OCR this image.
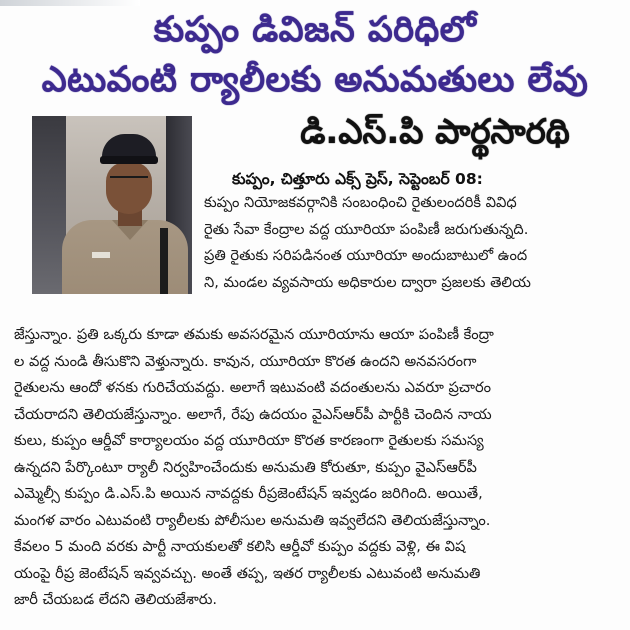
కుప్పం డివిజన్ పరిధిలో
ఎటువంటి ర్యాలీలకు అనుమతులు లేవు
డి.ఎస్.పి పార్థసారథి
కుప్పం, చిత్తూరు ఎక్స్ ప్రెస్, సెప్టెంబర్ 08:
కుప్పం నియోజకవర్గానికి సంబంధించి రైతులందరికీ వివిధ
రైతు సేవా కేంద్రాల వద్ద యూరియా పంపిణీ జరుగుతున్నది.
ప్రతి రైతుకు సరిపడినంత యూరియా అందుబాటులో ఉంద
ని, మండల వ్యవసాయ అధికారుల ద్వారా ప్రజలకు తెలియ
జేస్తున్నాం. ప్రతి ఒక్కరు కూడా తమకు అవసరమైన యూరియాను ఆయా పంపిణీ కేంద్రా
ల వద్ద నుండి తీసుకొని వెళ్తున్నారు. కావున, యూరియా కొరత ఉందని అనవసరంగా
రైతులను ఆందో ళనకు గురిచేయవద్దు. అలాగే ఇటువంటి వదంతులను ఎవరూ ప్రచారం
చేయరాదని తెలియజేస్తున్నాం. అలాగే, రేపు ఉదయం వైఎస్ఆర్‌పీ పార్టీకి చెందిన నాయ
కులు, కుప్పం ఆర్డీవో కార్యాలయం వద్ద యూరియా కొరత కారణంగా రైతులకు సమస్య
ఉన్నదని పేర్కొంటూ ర్యాలీ నిర్వహించేందుకు అనుమతి కోరుతూ, కుప్పం వైఎస్ఆర్‌పీ
ఎమ్మెల్సీ కుప్పం డి.ఎస్.పి అయిన నావద్దకు రీప్రజెంటేషన్ ఇవ్వడం జరిగింది. అయితే,
మంగళ వారం ఎటువంటి ర్యాలీలకు పోలీసుల అనుమతి ఇవ్వలేదని తెలియజేస్తున్నాం.
కేవలం 5 మంది వరకు పార్టీ నాయకులతో కలిసి ఆర్డీవో కుప్పం వద్దకు వెళ్లి, ఈ విష
యంపై రీప్ర జెంటేషన్ ఇవ్వవచ్చు. అంతే తప్ప, ఇతర ర్యాలీలకు ఎటువంటి అనుమతి
జారీ చేయబడ లేదని తెలియజేశారు.
